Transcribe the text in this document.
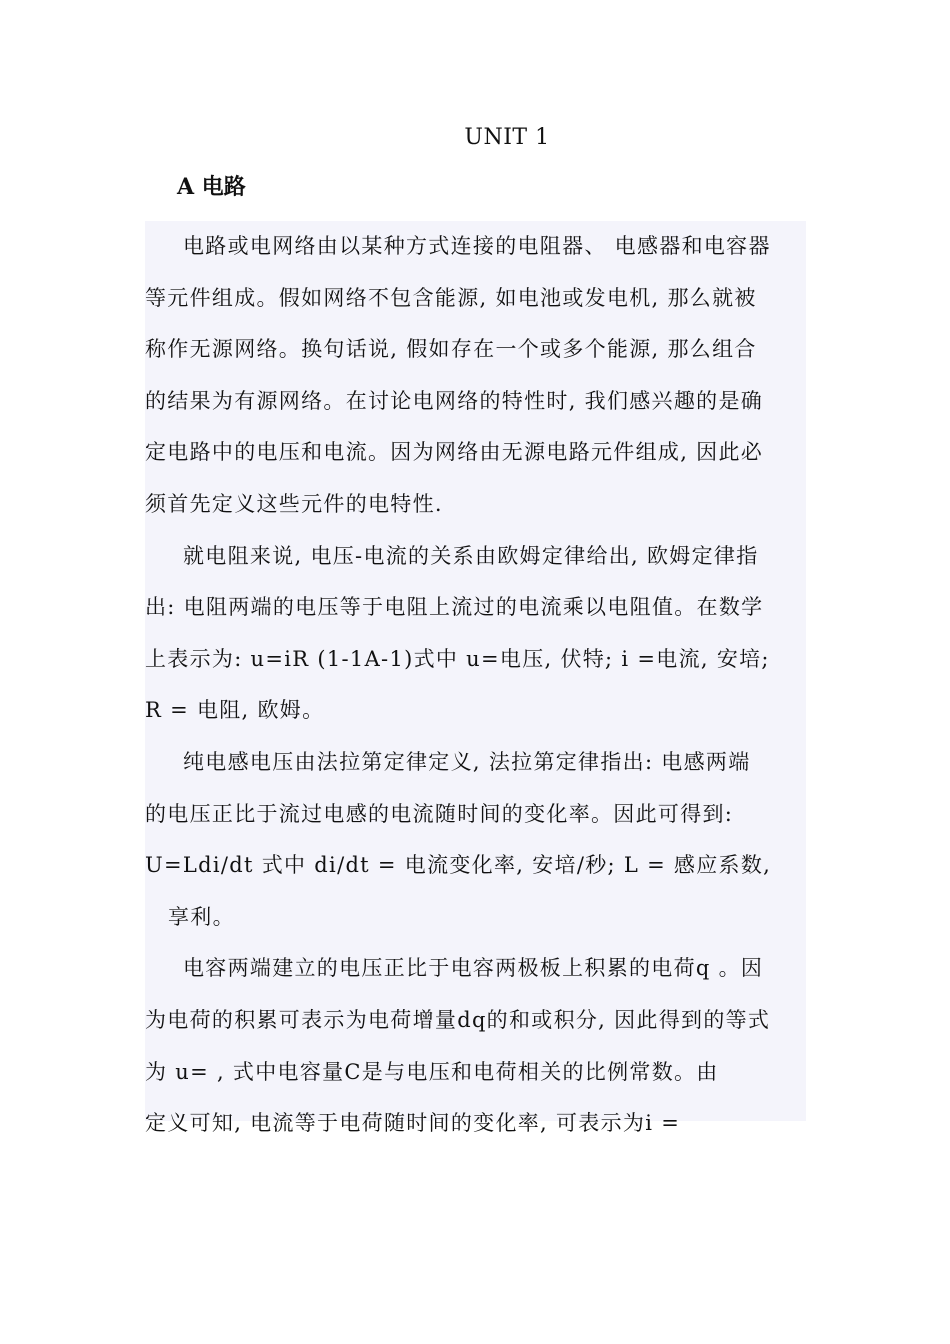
UNIT 1
A 电路

电路或电网络由以某种方式连接的电阻器、 电感器和电容器

等元件组成。假如网络不包含能源, 如电池或发电机, 那么就被

称作无源网络。换句话说, 假如存在一个或多个能源, 那么组合

的结果为有源网络。在讨论电网络的特性时, 我们感兴趣的是确

定电路中的电压和电流。因为网络由无源电路元件组成, 因此必

须首先定义这些元件的电特性.

就电阻来说, 电压-电流的关系由欧姆定律给出, 欧姆定律指

出: 电阻两端的电压等于电阻上流过的电流乘以电阻值。在数学

上表示为: u=iR (1-1A-1)式中 u=电压, 伏特; i =电流, 安培;

R = 电阻, 欧姆。

纯电感电压由法拉第定律定义, 法拉第定律指出: 电感两端

的电压正比于流过电感的电流随时间的变化率。因此可得到:

U=Ldi/dt 式中 di/dt = 电流变化率, 安培/秒; L = 感应系数,

享利。

电容两端建立的电压正比于电容两极板上积累的电荷q 。因

为电荷的积累可表示为电荷增量dq的和或积分, 因此得到的等式

为 u= , 式中电容量C是与电压和电荷相关的比例常数。由

定义可知, 电流等于电荷随时间的变化率, 可表示为i =
